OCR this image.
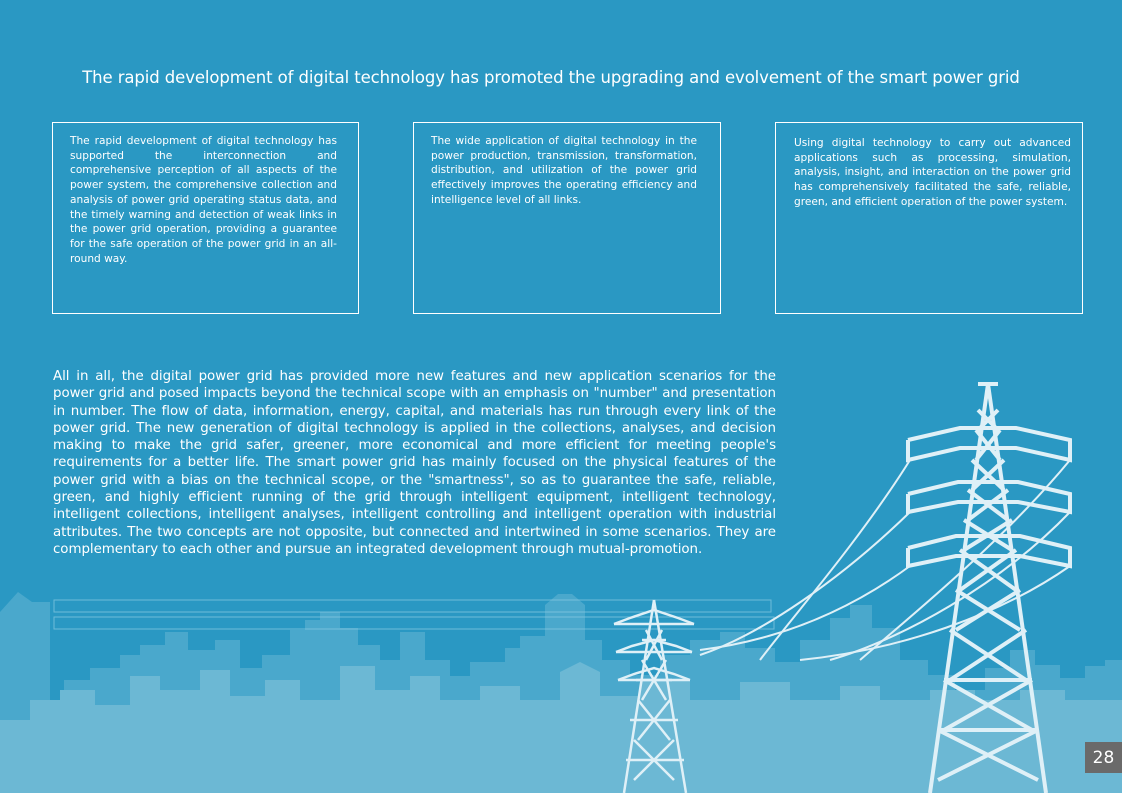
The rapid development of digital technology has promoted the upgrading and evolvement of the smart power grid

The rapid development of digital technology has supported the interconnection and comprehensive perception of all aspects of the power system, the comprehensive collection and analysis of power grid operating status data, and the timely warning and detection of weak links in the power grid operation, providing a guarantee for the safe operation of the power grid in an all-round way.

The wide application of digital technology in the power production, transmission, transformation, distribution, and utilization of the power grid effectively improves the operating efficiency and intelligence level of all links.

Using digital technology to carry out advanced applications such as processing, simulation, analysis, insight, and interaction on the power grid has comprehensively facilitated the safe, reliable, green, and efficient operation of the power system.

All in all, the digital power grid has provided more new features and new application scenarios for the power grid and posed impacts beyond the technical scope with an emphasis on "number" and presentation in number. The flow of data, information, energy, capital, and materials has run through every link of the power grid. The new generation of digital technology is applied in the collections, analyses, and decision making to make the grid safer, greener, more economical and more efficient for meeting people's requirements for a better life. The smart power grid has mainly focused on the physical features of the power grid with a bias on the technical scope, or the "smartness", so as to guarantee the safe, reliable, green, and highly efficient running of the grid through intelligent equipment, intelligent technology, intelligent collections, intelligent analyses, intelligent controlling and intelligent operation with industrial attributes. The two concepts are not opposite, but connected and intertwined in some scenarios. They are complementary to each other and pursue an integrated development through mutual-promotion.

28
